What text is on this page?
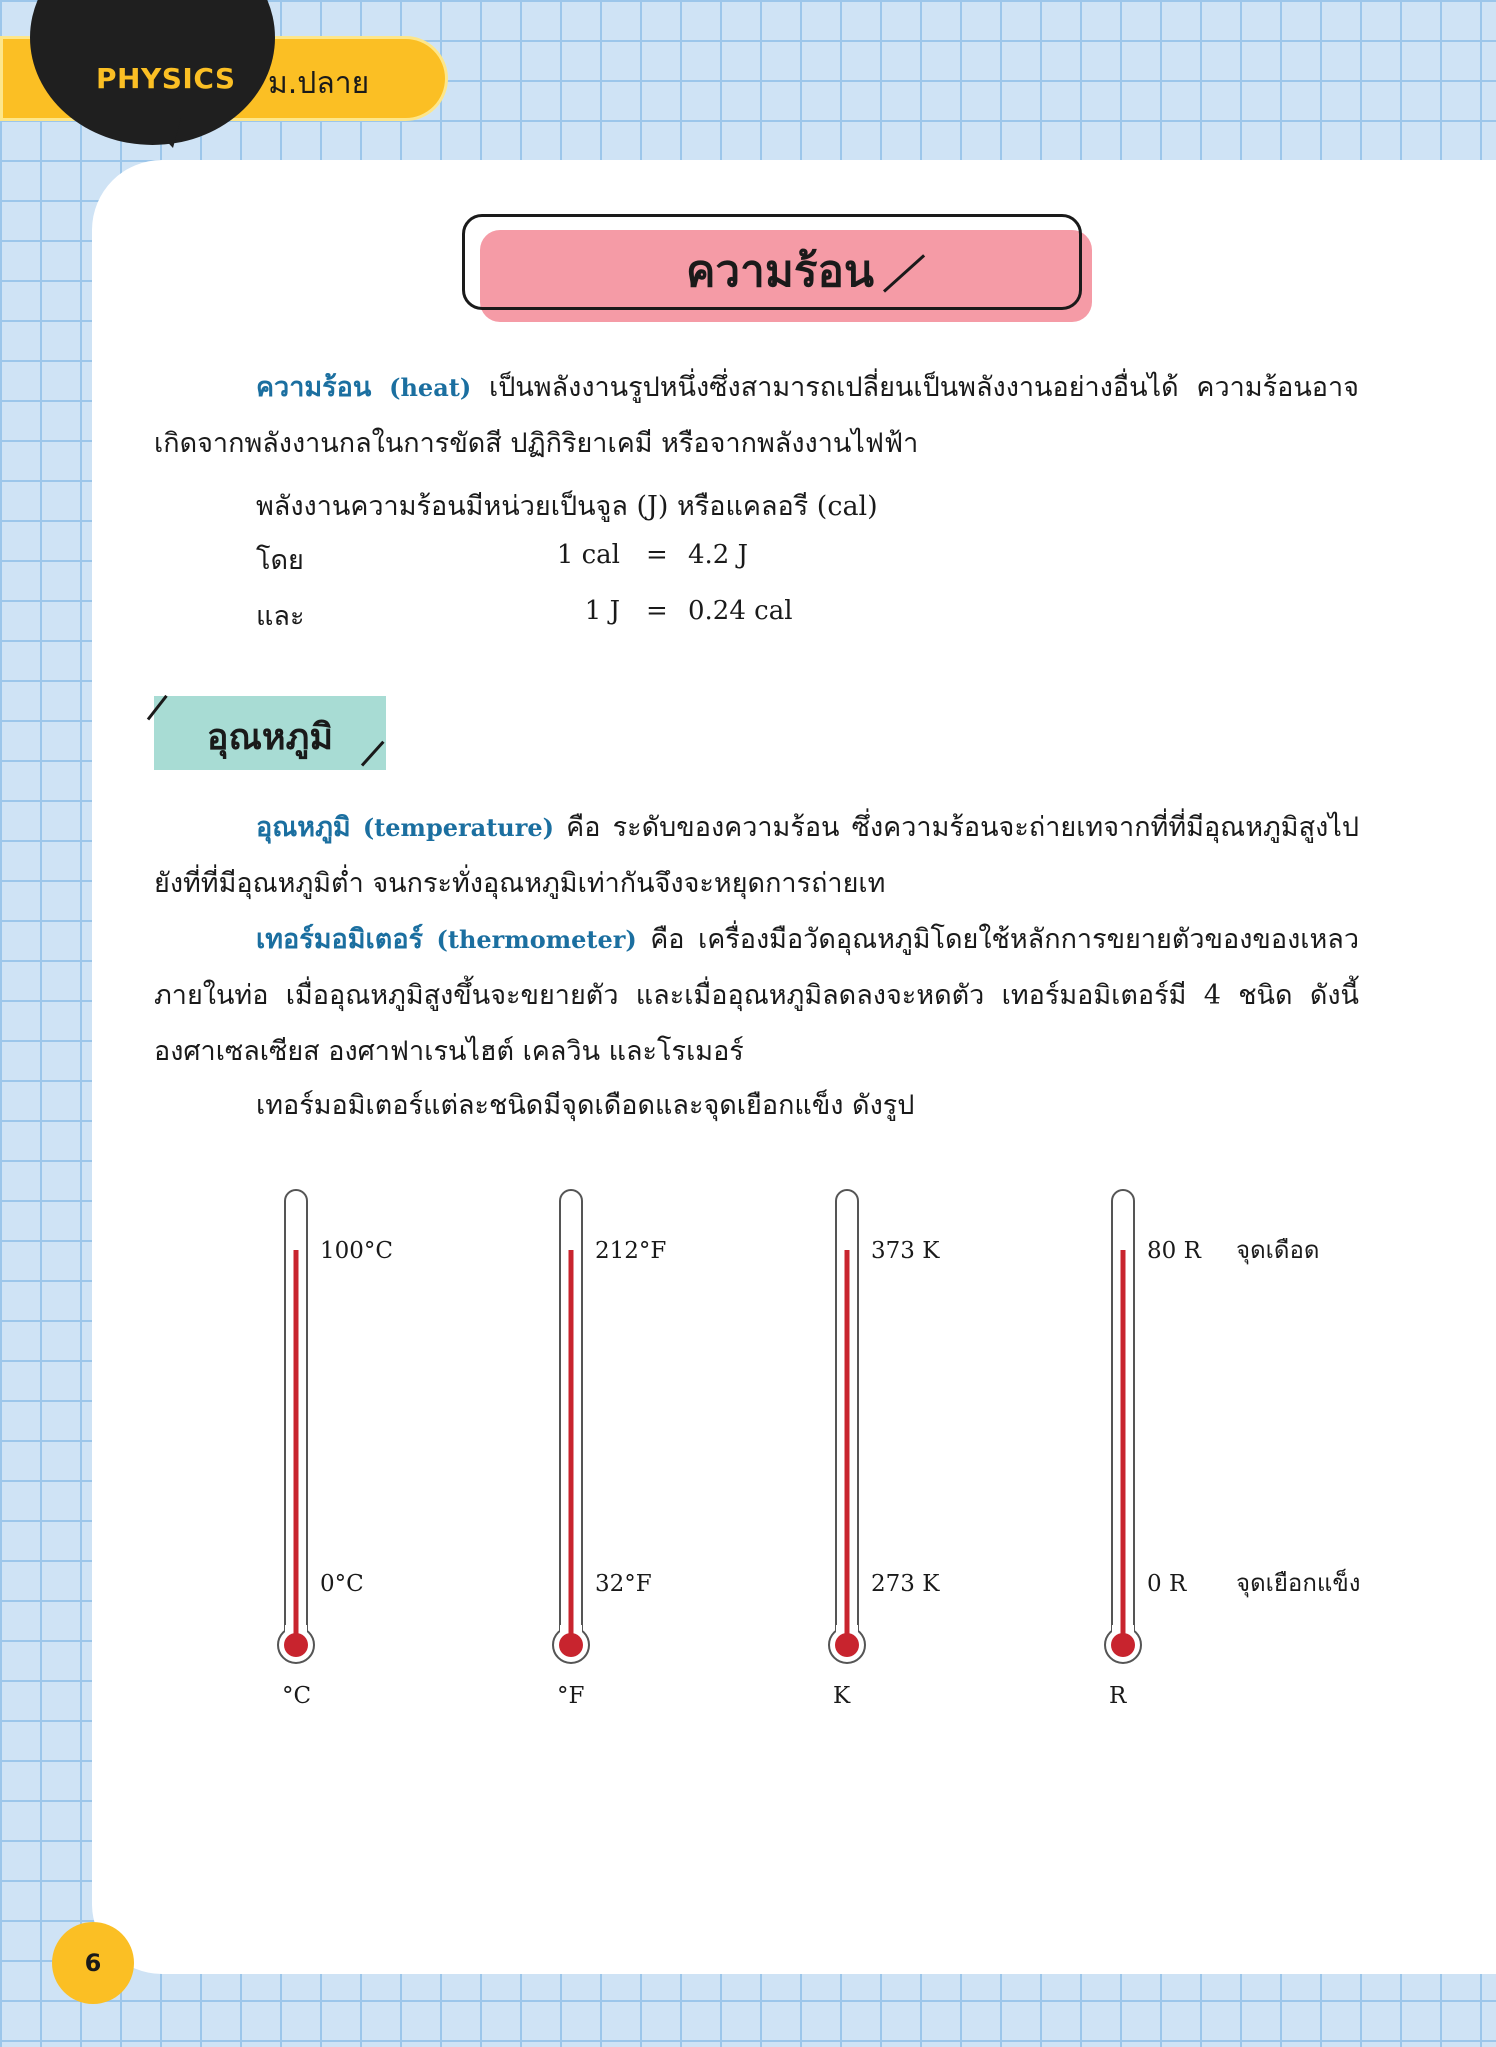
PHYSICS ม.ปลาย
ความร้อน
ความร้อน (heat) เป็นพลังงานรูปหนึ่งซึ่งสามารถเปลี่ยนเป็นพลังงานอย่างอื่นได้ ความร้อนอาจเกิดจากพลังงานกลในการขัดสี ปฏิกิริยาเคมี หรือจากพลังงานไฟฟ้า
พลังงานความร้อนมีหน่วยเป็นจูล (J) หรือแคลอรี (cal)
โดย	1 cal = 4.2 J
และ	1 J = 0.24 cal
อุณหภูมิ
อุณหภูมิ (temperature) คือ ระดับของความร้อน ซึ่งความร้อนจะถ่ายเทจากที่ที่มีอุณหภูมิสูงไปยังที่ที่มีอุณหภูมิต่ำ จนกระทั่งอุณหภูมิเท่ากันจึงจะหยุดการถ่ายเท
เทอร์มอมิเตอร์ (thermometer) คือ เครื่องมือวัดอุณหภูมิโดยใช้หลักการขยายตัวของของเหลวภายในท่อ เมื่ออุณหภูมิสูงขึ้นจะขยายตัว และเมื่ออุณหภูมิลดลงจะหดตัว เทอร์มอมิเตอร์มี 4 ชนิด ดังนี้ องศาเซลเซียส องศาฟาเรนไฮต์ เคลวิน และโรเมอร์
เทอร์มอมิเตอร์แต่ละชนิดมีจุดเดือดและจุดเยือกแข็ง ดังรูป
100°C
0°C
°C
212°F
32°F
°F
373 K
273 K
K
80 R
0 R
R
จุดเดือด
จุดเยือกแข็ง
6
